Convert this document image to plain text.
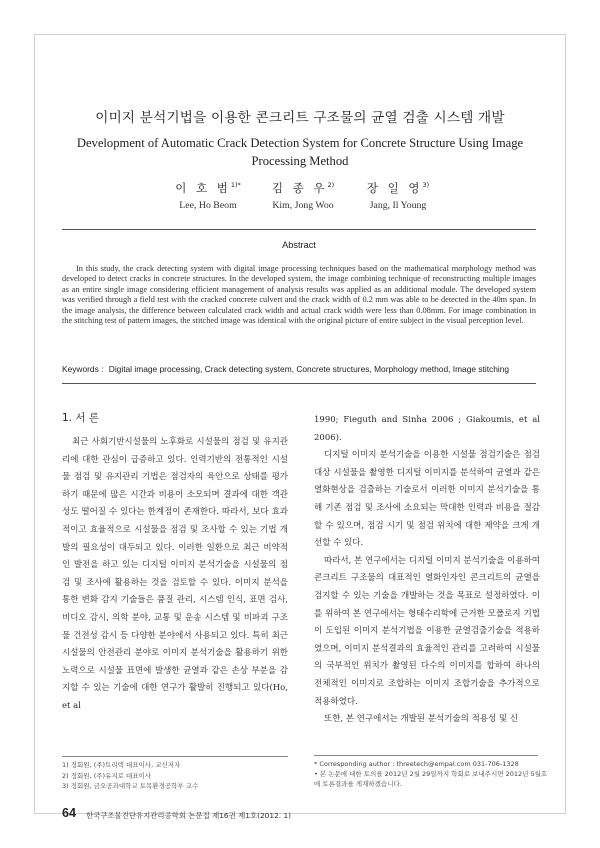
이미지 분석기법을 이용한 콘크리트 구조물의 균열 검출 시스템 개발
Development of Automatic Crack Detection System for Concrete Structure Using Image Processing Method
이 호 범$^{1)*}$
Lee, Ho Beom
김 종 우$^{2)}$
Kim, Jong Woo
장 일 영$^{3)}$
Jang, Il Young
Abstract

In this study, the crack detecting system with digital image processing techniques based on the mathematical morphology method was developed to detect cracks in concrete structures. In the developed system, the image combining technique of reconstructing multiple images as an entire single image considering efficient management of analysis results was applied as an additional module. The developed system was verified through a field test with the cracked concrete culvert and the crack width of 0.2 mm was able to be detected in the 40m span. In the image analysis, the difference between calculated crack width and actual crack width were less than 0.08mm. For image combination in the stitching test of pattern images, the stitched image was identical with the original picture of entire subject in the visual perception level.

Keywords : Digital image processing, Crack detecting system, Concrete structures, Morphology method, Image stitching
1. 서 론

최근 사회기반시설물의 노후화로 시설물의 점검 및 유지관리에 대한 관심이 급증하고 있다. 인력기반의 전통적인 시설물 점검 및 유지관리 기법은 점검자의 육안으로 상태를 평가하기 때문에 많은 시간과 비용이 소모되며 결과에 대한 객관성도 떨어질 수 있다는 한계점이 존재한다. 따라서, 보다 효과적이고 효율적으로 시설물을 점검 및 조사할 수 있는 기법 개발의 필요성이 대두되고 있다. 이러한 일환으로 최근 비약적인 발전을 하고 있는 디지털 이미지 분석기술을 시설물의 점검 및 조사에 활용하는 것을 검토할 수 있다. 이미지 분석을 통한 변화 감지 기술들은 품질 관리, 시스템 인식, 표면 검사, 비디오 감시, 의학 분야, 교통 및 운송 시스템 및 비파괴 구조물 건전성 감시 등 다양한 분야에서 사용되고 있다. 특히 최근 시설물의 안전관리 분야로 이미지 분석기술을 활용하기 위한 노력으로 시설물 표면에 발생한 균열과 같은 손상 부분을 감지할 수 있는 기술에 대한 연구가 활발히 진행되고 있다(Ho, et al

1990; Fieguth and Sinha 2006 ; Giakoumis, et al 2006).

디지털 이미지 분석기술을 이용한 시설물 점검기술은 점검대상 시설물을 촬영한 디지털 이미지를 분석하여 균열과 같은 열화현상을 검출하는 기술로서 이러한 이미지 분석기술을 통해 기존 점검 및 조사에 소요되는 막대한 인력과 비용을 절감할 수 있으며, 점검 시기 및 점검 위치에 대한 제약을 크게 개선할 수 있다.

따라서, 본 연구에서는 디지털 이미지 분석기술을 이용하여 콘크리트 구조물의 대표적인 열화인자인 콘크리트의 균열을 검지할 수 있는 기술을 개발하는 것을 목표로 설정하였다. 이를 위하여 본 연구에서는 형태수리학에 근거한 모폴로지 기법이 도입된 이미지 분석기법을 이용한 균열검출기술을 적용하였으며, 이미지 분석결과의 효율적인 관리를 고려하여 시설물의 국부적인 위치가 촬영된 다수의 이미지를 합하여 하나의 전체적인 이미지로 조합하는 이미지 조합기술을 추가적으로 적용하였다.

또한, 본 연구에서는 개발된 분석기술의 적용성 및 신

1) 정회원, (주)트리텍 대표이사, 교신저자
2) 정회원, (주)유지로 대표이사
3) 정회원, 금오공과대학교 토목환경공학부 교수
* Corresponding author : threetech@empal.com 031-706-1328
• 본 논문에 대한 토의를 2012년 2월 29일까지 학회로 보내주시면 2012년 5월호에 토론결과를 게재하겠습니다.
64 한국구조물진단유지관리공학회 논문집 제16권 제1호(2012. 1)
